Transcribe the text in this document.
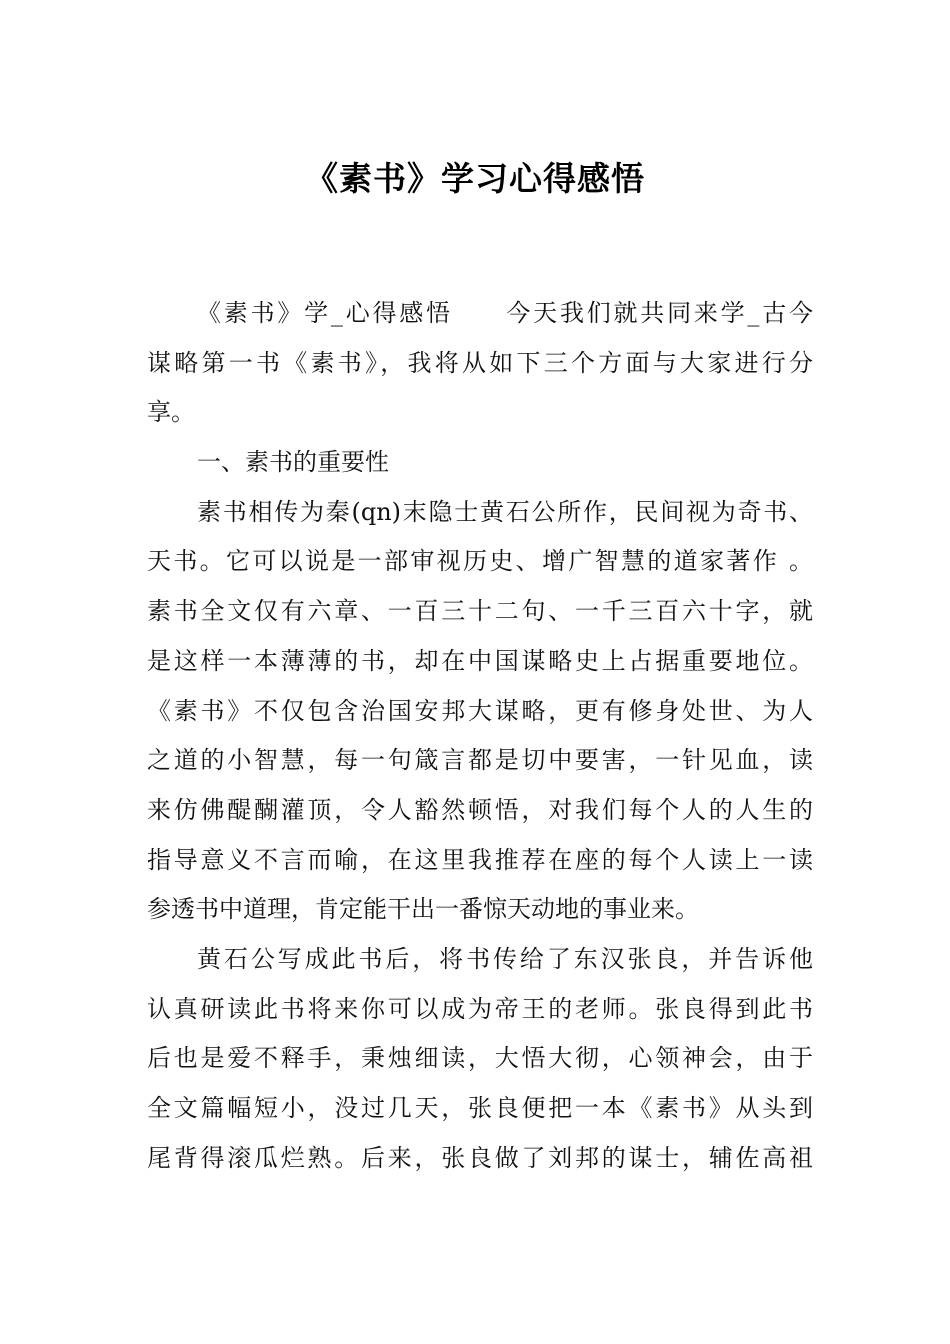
《素书》学习心得感悟
《素书》学_心得感悟　　今天我们就共同来学_古今
谋略第一书《素书》，我将从如下三个方面与大家进行分
享。
一、素书的重要性
素书相传为秦(qn)末隐士黄石公所作，民间视为奇书、
天书。它可以说是一部审视历史、增广智慧的道家著作 。
素书全文仅有六章、一百三十二句、一千三百六十字，就
是这样一本薄薄的书，却在中国谋略史上占据重要地位。
《素书》不仅包含治国安邦大谋略，更有修身处世、为人
之道的小智慧，每一句箴言都是切中要害，一针见血，读
来仿佛醍醐灌顶，令人豁然顿悟，对我们每个人的人生的
指导意义不言而喻，在这里我推荐在座的每个人读上一读
参透书中道理，肯定能干出一番惊天动地的事业来。
黄石公写成此书后，将书传给了东汉张良，并告诉他
认真研读此书将来你可以成为帝王的老师。张良得到此书
后也是爱不释手，秉烛细读，大悟大彻，心领神会，由于
全文篇幅短小，没过几天，张良便把一本《素书》从头到
尾背得滚瓜烂熟。后来，张良做了刘邦的谋士，辅佐高祖
